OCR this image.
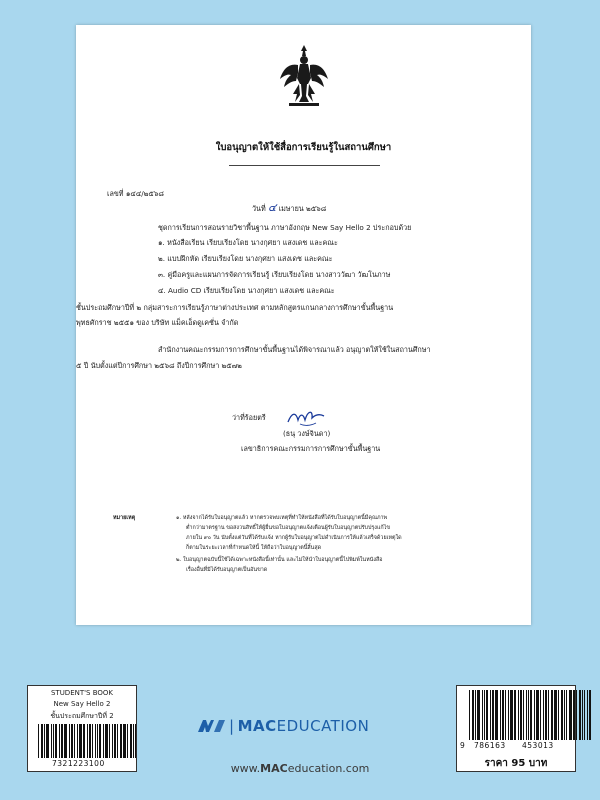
ใบอนุญาตให้ใช้สื่อการเรียนรู้ในสถานศึกษา
เลขที่ ๑๔๔/๒๕๖๘
วันที่ ๔ เมษายน ๒๕๖๘
ชุดการเรียนการสอนรายวิชาพื้นฐาน ภาษาอังกฤษ New Say Hello 2 ประกอบด้วย
๑. หนังสือเรียน เรียบเรียงโดย นางกุศยา แสงเดช และคณะ
๒. แบบฝึกหัด เรียบเรียงโดย นางกุศยา แสงเดช และคณะ
๓. คู่มือครูและแผนการจัดการเรียนรู้ เรียบเรียงโดย นางสาววัฒา วัฒโนภาษ
๔. Audio CD เรียบเรียงโดย นางกุศยา แสงเดช และคณะ
ชั้นประถมศึกษาปีที่ ๒ กลุ่มสาระการเรียนรู้ภาษาต่างประเทศ ตามหลักสูตรแกนกลางการศึกษาขั้นพื้นฐาน
พุทธศักราช ๒๕๕๑ ของ บริษัท แม็คเอ็ดดูเคชั่น จำกัด
สำนักงานคณะกรรมการการศึกษาขั้นพื้นฐานได้พิจารณาแล้ว อนุญาตให้ใช้ในสถานศึกษา
๕ ปี นับตั้งแต่ปีการศึกษา ๒๕๖๘ ถึงปีการศึกษา ๒๕๗๒
ว่าที่ร้อยตรี
(ธนุ วงษ์จินดา)
เลขาธิการคณะกรรมการการศึกษาขั้นพื้นฐาน
หมายเหตุ	๑. หลังจากได้รับใบอนุญาตแล้ว หากตรวจพบเหตุที่ทำให้หนังสือที่ได้รับใบอนุญาตนี้มีคุณภาพ
ต่ำกว่ามาตรฐาน ขอสงวนสิทธิ์ให้ผู้ยื่นขอใบอนุญาตแจ้งเตือนผู้รับใบอนุญาตปรับปรุงแก้ไข
ภายใน ๙๐ วัน นับตั้งแต่วันที่ได้รับแจ้ง หากผู้รับใบอนุญาตไม่ดำเนินการให้แล้วเสร็จด้วยเหตุใด
ก็ตามในระยะเวลาที่กำหนดให้นี้ ให้ถือว่าใบอนุญาตนี้สิ้นสุด
๒. ใบอนุญาตฉบับนี้ใช้ได้เฉพาะหนังสือนี้เท่านั้น และไม่ให้นำใบอนุญาตนี้ไปพิมพ์ในหนังสือ
เรื่องอื่นที่มิได้รับอนุญาตเป็นอันขาด
STUDENT'S BOOK
New Say Hello 2
ชั้นประถมศึกษาปีที่ 2
7321223100
| MACEDUCATION
www.MACeducation.com
9 786163 453013
ราคา 95 บาท
